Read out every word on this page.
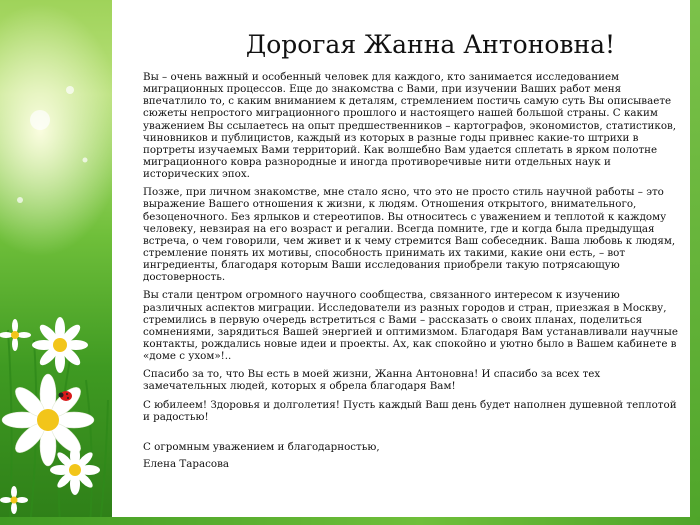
Дорогая Жанна Антоновна!

Вы – очень важный и особенный человек для каждого, кто занимается исследованием миграционных процессов. Еще до знакомства с Вами, при изучении Ваших работ меня впечатлило то, с каким вниманием к деталям, стремлением постичь самую суть Вы описываете сюжеты непростого миграционного прошлого и настоящего нашей большой страны. С каким уважением Вы ссылаетесь на опыт предшественников – картографов, экономистов, статистиков, чиновников и публицистов, каждый из которых в разные годы привнес какие-то штрихи в портреты изучаемых Вами территорий. Как волшебно Вам удается сплетать в ярком полотне миграционного ковра разнородные и иногда противоречивые нити отдельных наук и исторических эпох.

Позже, при личном знакомстве, мне стало ясно, что это не просто стиль научной работы – это выражение Вашего отношения к жизни, к людям. Отношения открытого, внимательного, безоценочного. Без ярлыков и стереотипов. Вы относитесь с уважением и теплотой к каждому человеку, невзирая на его возраст и регалии. Всегда помните, где и когда была предыдущая встреча, о чем говорили, чем живет и к чему стремится Ваш собеседник. Ваша любовь к людям, стремление понять их мотивы, способность принимать их такими, какие они есть, – вот ингредиенты, благодаря которым Ваши исследования приобрели такую потрясающую достоверность.

Вы стали центром огромного научного сообщества, связанного интересом к изучению различных аспектов миграции. Исследователи из разных городов и стран, приезжая в Москву, стремились в первую очередь встретиться с Вами – рассказать о своих планах, поделиться сомнениями, зарядиться Вашей энергией и оптимизмом. Благодаря Вам устанавливали научные контакты, рождались новые идеи и проекты. Ах, как спокойно и уютно было в Вашем кабинете в «доме с ухом»!..

Спасибо за то, что Вы есть в моей жизни, Жанна Антоновна! И спасибо за всех тех замечательных людей, которых я обрела благодаря Вам!

С юбилеем! Здоровья и долголетия! Пусть каждый Ваш день будет наполнен душевной теплотой и радостью!

С огромным уважением и благодарностью,
Елена Тарасова
